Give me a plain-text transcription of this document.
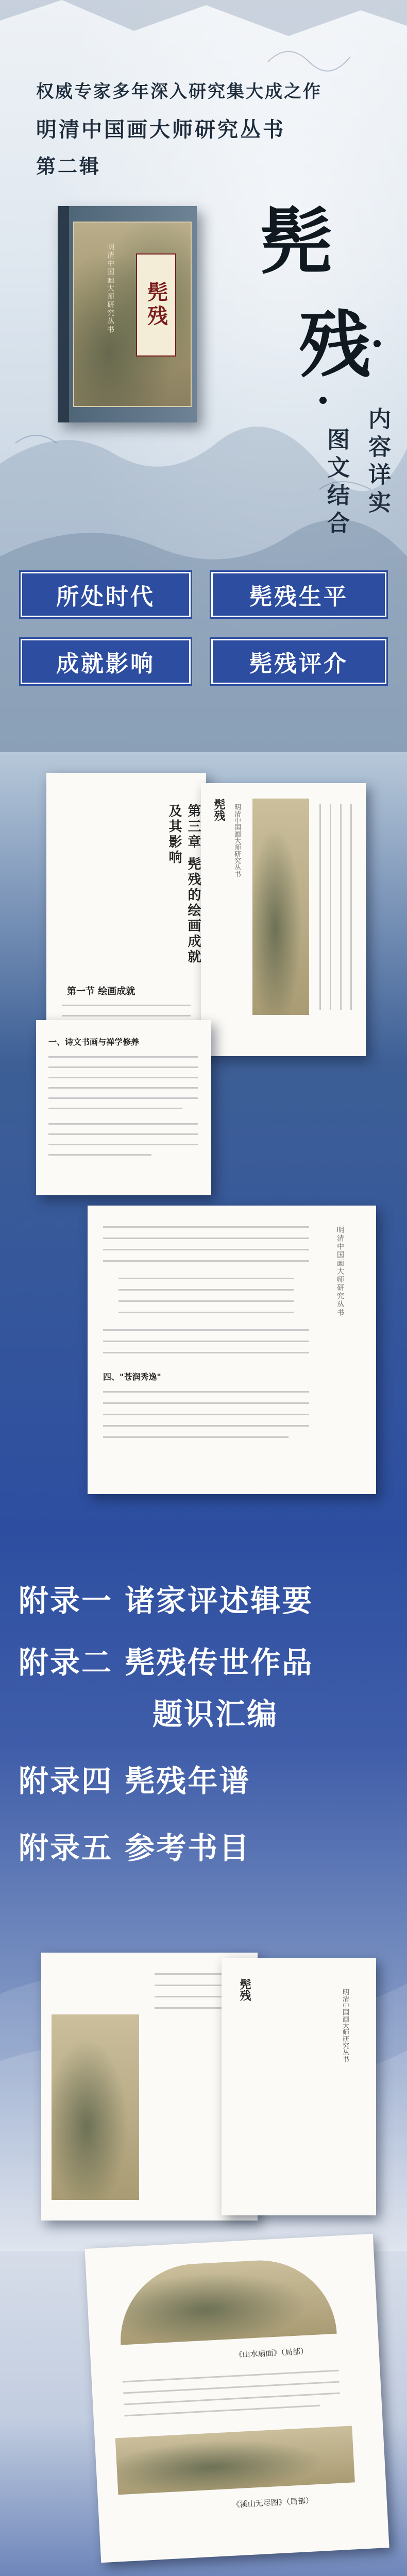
权威专家多年深入研究集大成之作
明清中国画大师研究丛书
第二辑
明清中国画大师研究丛书 髡残
髡
残
内容详实
图文结合
所处时代	髡残生平
成就影响	髡残评介
第三章 髡残的绘画成就及其影响
第一节 绘画成就
髡残 明清中国画大师研究丛书
一、诗文书画与禅学修养
四、"苍润秀逸"
明清中国画大师研究丛书
附录一 诸家评述辑要
附录二 髡残传世作品
题识汇编
附录四 髡残年谱
附录五 参考书目
髡残	明清中国画大师研究丛书
《山水扇面》（局部）
《溪山无尽图》（局部）
